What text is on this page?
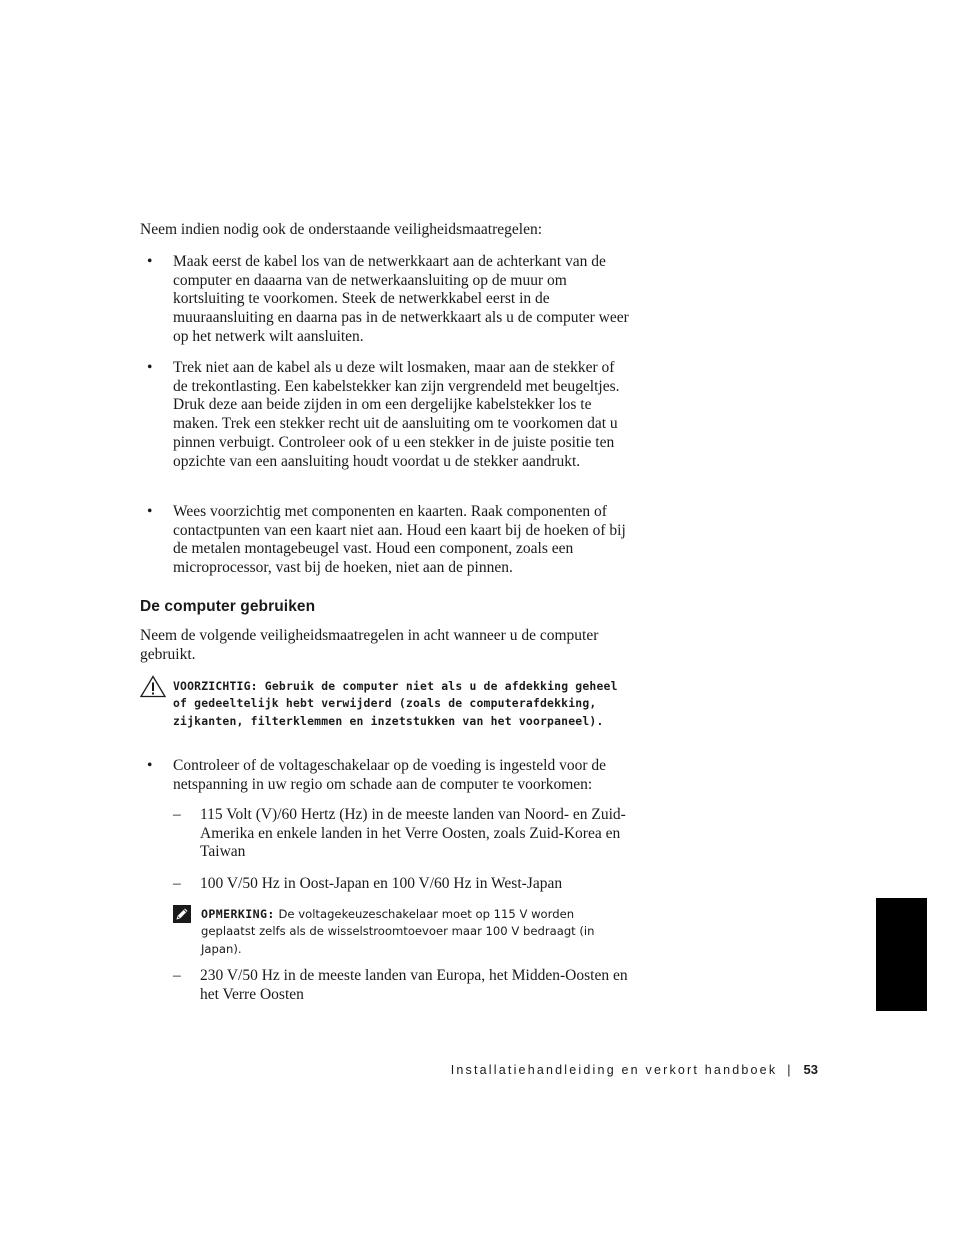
Neem indien nodig ook de onderstaande veiligheidsmaatregelen:
• Maak eerst de kabel los van de netwerkkaart aan de achterkant van de computer en daaarna van de netwerkaansluiting op de muur om kortsluiting te voorkomen. Steek de netwerkkabel eerst in de muuraansluiting en daarna pas in de netwerkkaart als u de computer weer op het netwerk wilt aansluiten.
• Trek niet aan de kabel als u deze wilt losmaken, maar aan de stekker of de trekontlasting. Een kabelstekker kan zijn vergrendeld met beugeltjes. Druk deze aan beide zijden in om een dergelijke kabelstekker los te maken. Trek een stekker recht uit de aansluiting om te voorkomen dat u pinnen verbuigt. Controleer ook of u een stekker in de juiste positie ten opzichte van een aansluiting houdt voordat u de stekker aandrukt.
• Wees voorzichtig met componenten en kaarten. Raak componenten of contactpunten van een kaart niet aan. Houd een kaart bij de hoeken of bij de metalen montagebeugel vast. Houd een component, zoals een microprocessor, vast bij de hoeken, niet aan de pinnen.
De computer gebruiken
Neem de volgende veiligheidsmaatregelen in acht wanneer u de computer gebruikt.
VOORZICHTIG: Gebruik de computer niet als u de afdekking geheel of gedeeltelijk hebt verwijderd (zoals de computerafdekking, zijkanten, filterklemmen en inzetstukken van het voorpaneel).
• Controleer of de voltageschakelaar op de voeding is ingesteld voor de netspanning in uw regio om schade aan de computer te voorkomen:
– 115 Volt (V)/60 Hertz (Hz) in de meeste landen van Noord- en Zuid-Amerika en enkele landen in het Verre Oosten, zoals Zuid-Korea en Taiwan
– 100 V/50 Hz in Oost-Japan en 100 V/60 Hz in West-Japan
OPMERKING: De voltagekeuzeschakelaar moet op 115 V worden geplaatst zelfs als de wisselstroomtoevoer maar 100 V bedraagt (in Japan).
– 230 V/50 Hz in de meeste landen van Europa, het Midden-Oosten en het Verre Oosten
Installatiehandleiding en verkort handboek | 53
